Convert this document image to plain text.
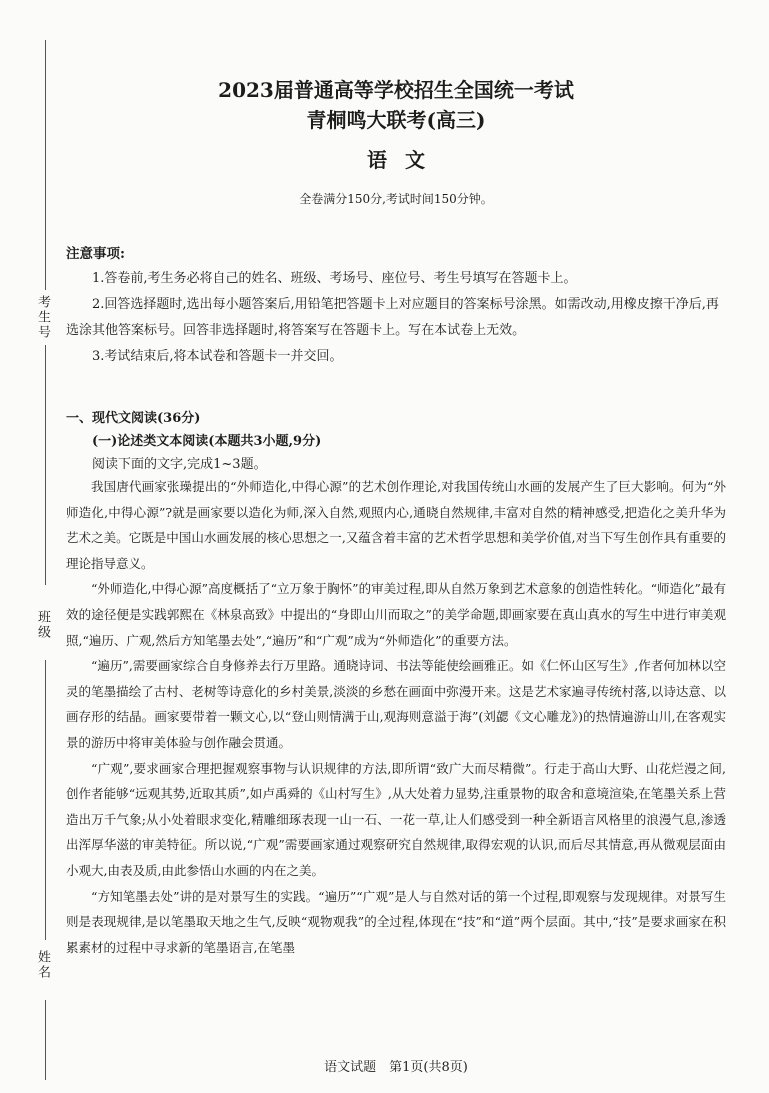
考生号
班级
姓名
2023届普通高等学校招生全国统一考试
青桐鸣大联考(高三)
语文
全卷满分150分,考试时间150分钟。
注意事项:

1.答卷前,考生务必将自己的姓名、班级、考场号、座位号、考生号填写在答题卡上。

2.回答选择题时,选出每小题答案后,用铅笔把答题卡上对应题目的答案标号涂黑。如需改动,用橡皮擦干净后,再选涂其他答案标号。回答非选择题时,将答案写在答题卡上。写在本试卷上无效。

3.考试结束后,将本试卷和答题卡一并交回。

一、现代文阅读(36分)
(一)论述类文本阅读(本题共3小题,9分)
阅读下面的文字,完成1~3题。

我国唐代画家张璪提出的“外师造化,中得心源”的艺术创作理论,对我国传统山水画的发展产生了巨大影响。何为“外师造化,中得心源”?就是画家要以造化为师,深入自然,观照内心,通晓自然规律,丰富对自然的精神感受,把造化之美升华为艺术之美。它既是中国山水画发展的核心思想之一,又蕴含着丰富的艺术哲学思想和美学价值,对当下写生创作具有重要的理论指导意义。

“外师造化,中得心源”高度概括了“立万象于胸怀”的审美过程,即从自然万象到艺术意象的创造性转化。“师造化”最有效的途径便是实践郭熙在《林泉高致》中提出的“身即山川而取之”的美学命题,即画家要在真山真水的写生中进行审美观照,“遍历、广观,然后方知笔墨去处”,“遍历”和“广观”成为“外师造化”的重要方法。

“遍历”,需要画家综合自身修养去行万里路。通晓诗词、书法等能使绘画雅正。如《仁怀山区写生》,作者何加林以空灵的笔墨描绘了古村、老树等诗意化的乡村美景,淡淡的乡愁在画面中弥漫开来。这是艺术家遍寻传统村落,以诗达意、以画存形的结晶。画家要带着一颗文心,以“登山则情满于山,观海则意溢于海”(刘勰《文心雕龙》)的热情遍游山川,在客观实景的游历中将审美体验与创作融会贯通。

“广观”,要求画家合理把握观察事物与认识规律的方法,即所谓“致广大而尽精微”。行走于高山大野、山花烂漫之间,创作者能够“远观其势,近取其质”,如卢禹舜的《山村写生》,从大处着力显势,注重景物的取舍和意境渲染,在笔墨关系上营造出万千气象;从小处着眼求变化,精雕细琢表现一山一石、一花一草,让人们感受到一种全新语言风格里的浪漫气息,渗透出浑厚华滋的审美特征。所以说,“广观”需要画家通过观察研究自然规律,取得宏观的认识,而后尽其情意,再从微观层面由小观大,由表及质,由此参悟山水画的内在之美。

“方知笔墨去处”讲的是对景写生的实践。“遍历”“广观”是人与自然对话的第一个过程,即观察与发现规律。对景写生则是表现规律,是以笔墨取天地之生气,反映“观物观我”的全过程,体现在“技”和“道”两个层面。其中,“技”是要求画家在积累素材的过程中寻求新的笔墨语言,在笔墨

语文试题　第1页(共8页)
